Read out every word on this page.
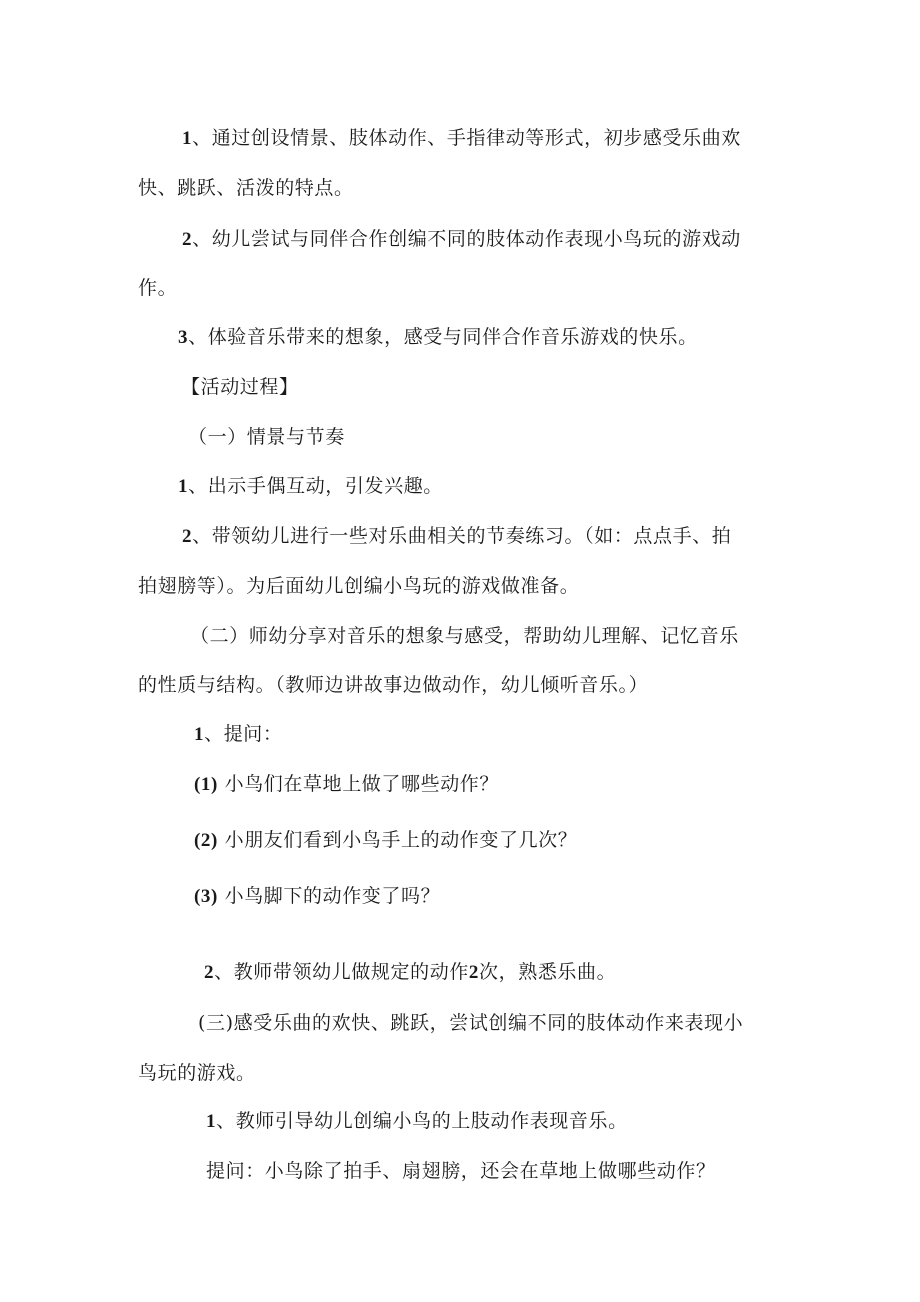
1、通过创设情景、肢体动作、手指律动等形式，初步感受乐曲欢
快、跳跃、活泼的特点。
2、幼儿尝试与同伴合作创编不同的肢体动作表现小鸟玩的游戏动
作。
3、体验音乐带来的想象，感受与同伴合作音乐游戏的快乐。
【活动过程】
（一）情景与节奏
1、出示手偶互动，引发兴趣。
2、带领幼儿进行一些对乐曲相关的节奏练习。（如：点点手、拍
拍翅膀等）。为后面幼儿创编小鸟玩的游戏做准备。
（二）师幼分享对音乐的想象与感受，帮助幼儿理解、记忆音乐
的性质与结构。（教师边讲故事边做动作，幼儿倾听音乐。）
1、提问：
(1) 小鸟们在草地上做了哪些动作？
(2) 小朋友们看到小鸟手上的动作变了几次？
(3) 小鸟脚下的动作变了吗？
2、教师带领幼儿做规定的动作2次，熟悉乐曲。
(三)感受乐曲的欢快、跳跃，尝试创编不同的肢体动作来表现小
鸟玩的游戏。
1、教师引导幼儿创编小鸟的上肢动作表现音乐。
提问：小鸟除了拍手、扇翅膀，还会在草地上做哪些动作？
